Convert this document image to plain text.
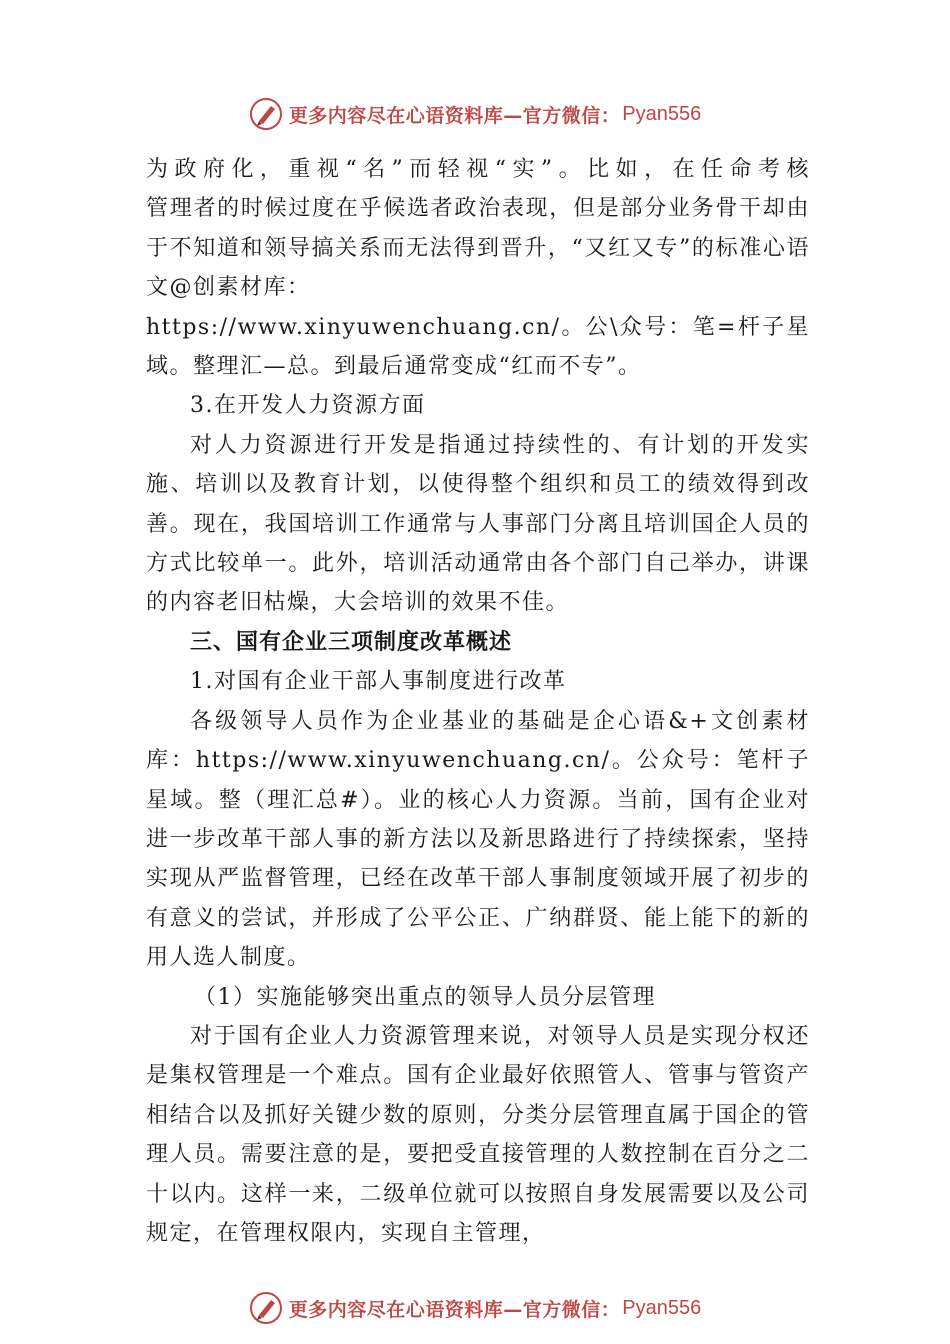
更多内容尽在心语资料库—官方微信： Pyan556

为政府化，重视“名”而轻视“实”。比如，在任命考核

管理者的时候过度在乎候选者政治表现，但是部分业务骨干却由于不知道和领导搞关系而无法得到晋升，“又红又专”的标准心语文@创素材库：

https://www.xinyuwenchuang.cn/。公\众号：笔=杆子星域。整理汇—总。到最后通常变成“红而不专”。

3.在开发人力资源方面

对人力资源进行开发是指通过持续性的、有计划的开发实施、培训以及教育计划，以使得整个组织和员工的绩效得到改善。现在，我国培训工作通常与人事部门分离且培训国企人员的方式比较单一。此外，培训活动通常由各个部门自己举办，讲课的内容老旧枯燥，大会培训的效果不佳。

三、国有企业三项制度改革概述

1.对国有企业干部人事制度进行改革

各级领导人员作为企业基业的基础是企心语&+文创素材库：https://www.xinyuwenchuang.cn/。公众号：笔杆子星域。整（理汇总#）。业的核心人力资源。当前，国有企业对进一步改革干部人事的新方法以及新思路进行了持续探索，坚持实现从严监督管理，已经在改革干部人事制度领域开展了初步的有意义的尝试，并形成了公平公正、广纳群贤、能上能下的新的用人选人制度。

（1）实施能够突出重点的领导人员分层管理

对于国有企业人力资源管理来说，对领导人员是实现分权还是集权管理是一个难点。国有企业最好依照管人、管事与管资产相结合以及抓好关键少数的原则，分类分层管理直属于国企的管理人员。需要注意的是，要把受直接管理的人数控制在百分之二十以内。这样一来，二级单位就可以按照自身发展需要以及公司规定，在管理权限内，实现自主管理，

更多内容尽在心语资料库—官方微信： Pyan556
